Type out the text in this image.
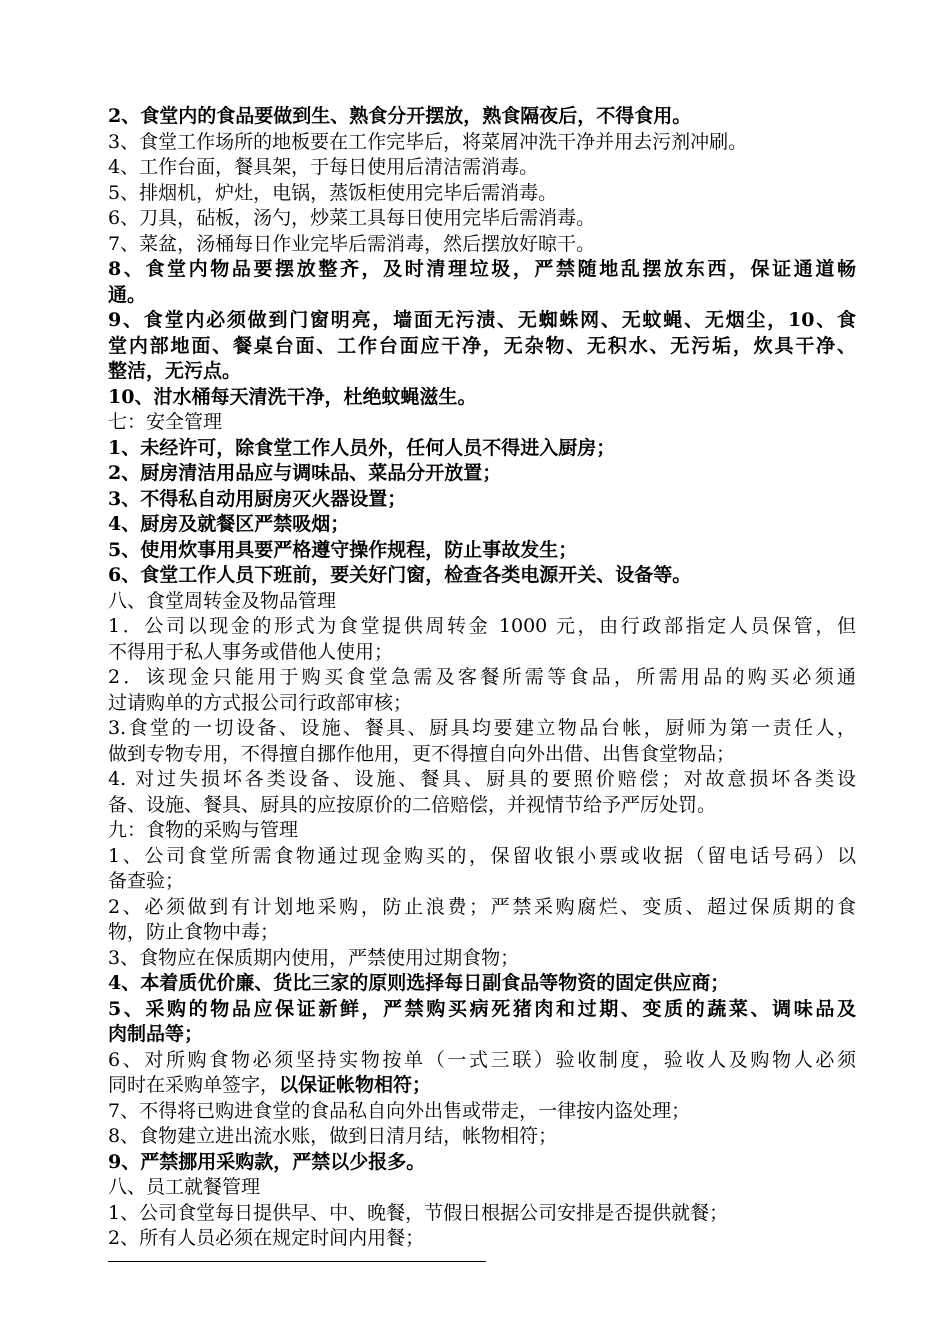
2、食堂内的食品要做到生、熟食分开摆放，熟食隔夜后，不得食用。
3、食堂工作场所的地板要在工作完毕后，将菜屑冲洗干净并用去污剂冲刷。
4、工作台面，餐具架，于每日使用后清洁需消毒。
5、排烟机，炉灶，电锅，蒸饭柜使用完毕后需消毒。
6、刀具，砧板，汤勺，炒菜工具每日使用完毕后需消毒。
7、菜盆，汤桶每日作业完毕后需消毒，然后摆放好晾干。
8、食堂内物品要摆放整齐，及时清理垃圾，严禁随地乱摆放东西，保证通道畅
通。
9、食堂内必须做到门窗明亮，墙面无污渍、无蜘蛛网、无蚊蝇、无烟尘，10、食
堂内部地面、餐桌台面、工作台面应干净，无杂物、无积水、无污垢，炊具干净、
整洁，无污点。
10、泔水桶每天清洗干净，杜绝蚊蝇滋生。
七：安全管理
1、未经许可，除食堂工作人员外，任何人员不得进入厨房；
2、厨房清洁用品应与调味品、菜品分开放置；
3、不得私自动用厨房灭火器设置；
4、厨房及就餐区严禁吸烟；
5、使用炊事用具要严格遵守操作规程，防止事故发生；
6、食堂工作人员下班前，要关好门窗，检查各类电源开关、设备等。
八、食堂周转金及物品管理
1．公司以现金的形式为食堂提供周转金 1000 元，由行政部指定人员保管，但
不得用于私人事务或借他人使用；
2．该现金只能用于购买食堂急需及客餐所需等食品，所需用品的购买必须通
过请购单的方式报公司行政部审核；
3.食堂的一切设备、设施、餐具、厨具均要建立物品台帐，厨师为第一责任人，
做到专物专用，不得擅自挪作他用，更不得擅自向外出借、出售食堂物品；
4. 对过失损坏各类设备、设施、餐具、厨具的要照价赔偿；对故意损坏各类设
备、设施、餐具、厨具的应按原价的二倍赔偿，并视情节给予严厉处罚。
九：食物的采购与管理
1、公司食堂所需食物通过现金购买的，保留收银小票或收据（留电话号码）以
备查验；
2、必须做到有计划地采购，防止浪费；严禁采购腐烂、变质、超过保质期的食
物，防止食物中毒；
3、食物应在保质期内使用，严禁使用过期食物；
4、本着质优价廉、货比三家的原则选择每日副食品等物资的固定供应商；
5、采购的物品应保证新鲜，严禁购买病死猪肉和过期、变质的蔬菜、调味品及
肉制品等；
6、对所购食物必须坚持实物按单（一式三联）验收制度，验收人及购物人必须
同时在采购单签字，以保证帐物相符；
7、不得将已购进食堂的食品私自向外出售或带走，一律按内盗处理；
8、食物建立进出流水账，做到日清月结，帐物相符；
9、严禁挪用采购款，严禁以少报多。
八、员工就餐管理
1、公司食堂每日提供早、中、晚餐，节假日根据公司安排是否提供就餐；
2、所有人员必须在规定时间内用餐；
